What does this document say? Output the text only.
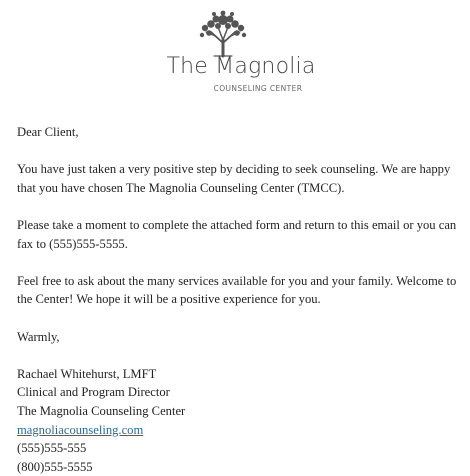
The Magnolia
COUNSELING CENTER

Dear Client,

You have just taken a very positive step by deciding to seek counseling. We are happy that you have chosen The Magnolia Counseling Center (TMCC).

Please take a moment to complete the attached form and return to this email or you can fax to (555)555-5555.

Feel free to ask about the many services available for you and your family. Welcome to the Center! We hope it will be a positive experience for you.

Warmly,

Rachael Whitehurst, LMFT
Clinical and Program Director
The Magnolia Counseling Center
magnoliacounseling.com
(555)555-555
(800)555-5555
